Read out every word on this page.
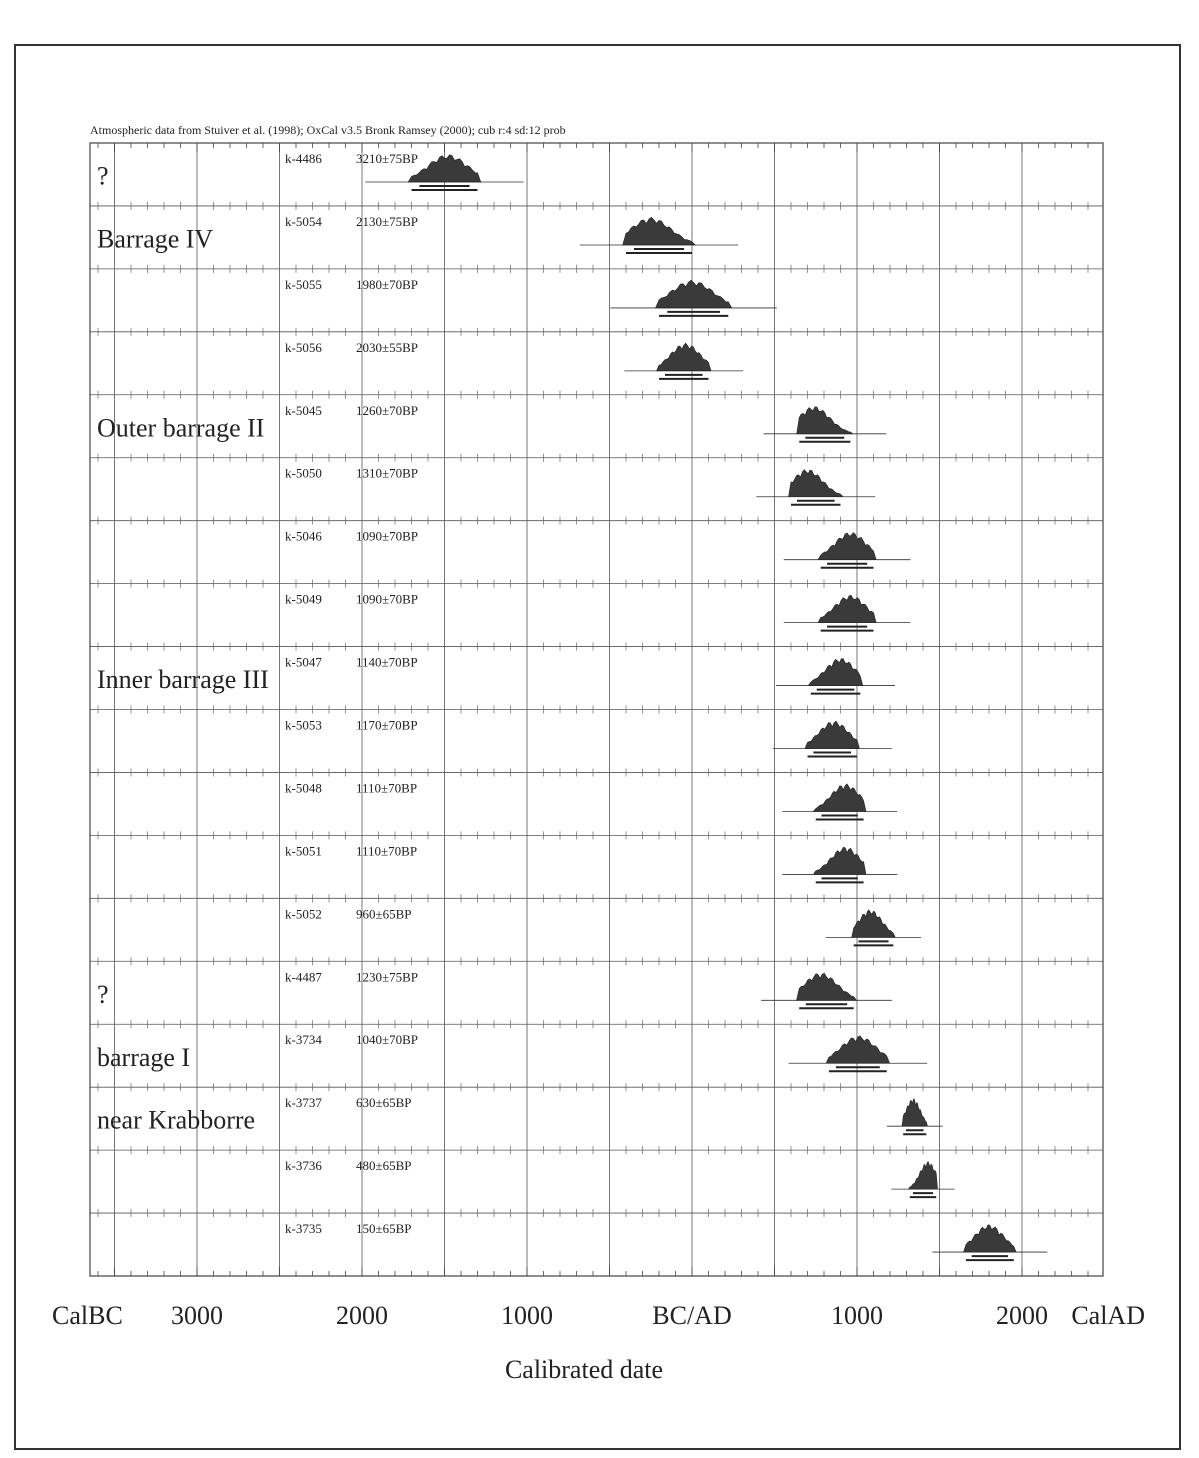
Atmospheric data from Stuiver et al. (1998); OxCal v3.5 Bronk Ramsey (2000); cub r:4 sd:12 prob
?
k-4486	3210±75BP
Barrage IV
k-5054	2130±75BP
k-5055	1980±70BP
k-5056	2030±55BP
Outer barrage II
k-5045	1260±70BP
k-5050	1310±70BP
k-5046	1090±70BP
k-5049	1090±70BP
Inner barrage III
k-5047	1140±70BP
k-5053	1170±70BP
k-5048	1110±70BP
k-5051	1110±70BP
k-5052	960±65BP
?
k-4487	1230±75BP
barrage I
k-3734	1040±70BP
near Krabborre
k-3737	630±65BP
k-3736	480±65BP
k-3735	150±65BP
3000	2000	1000	BC/AD	1000	2000
CalBC	CalAD
Calibrated date
